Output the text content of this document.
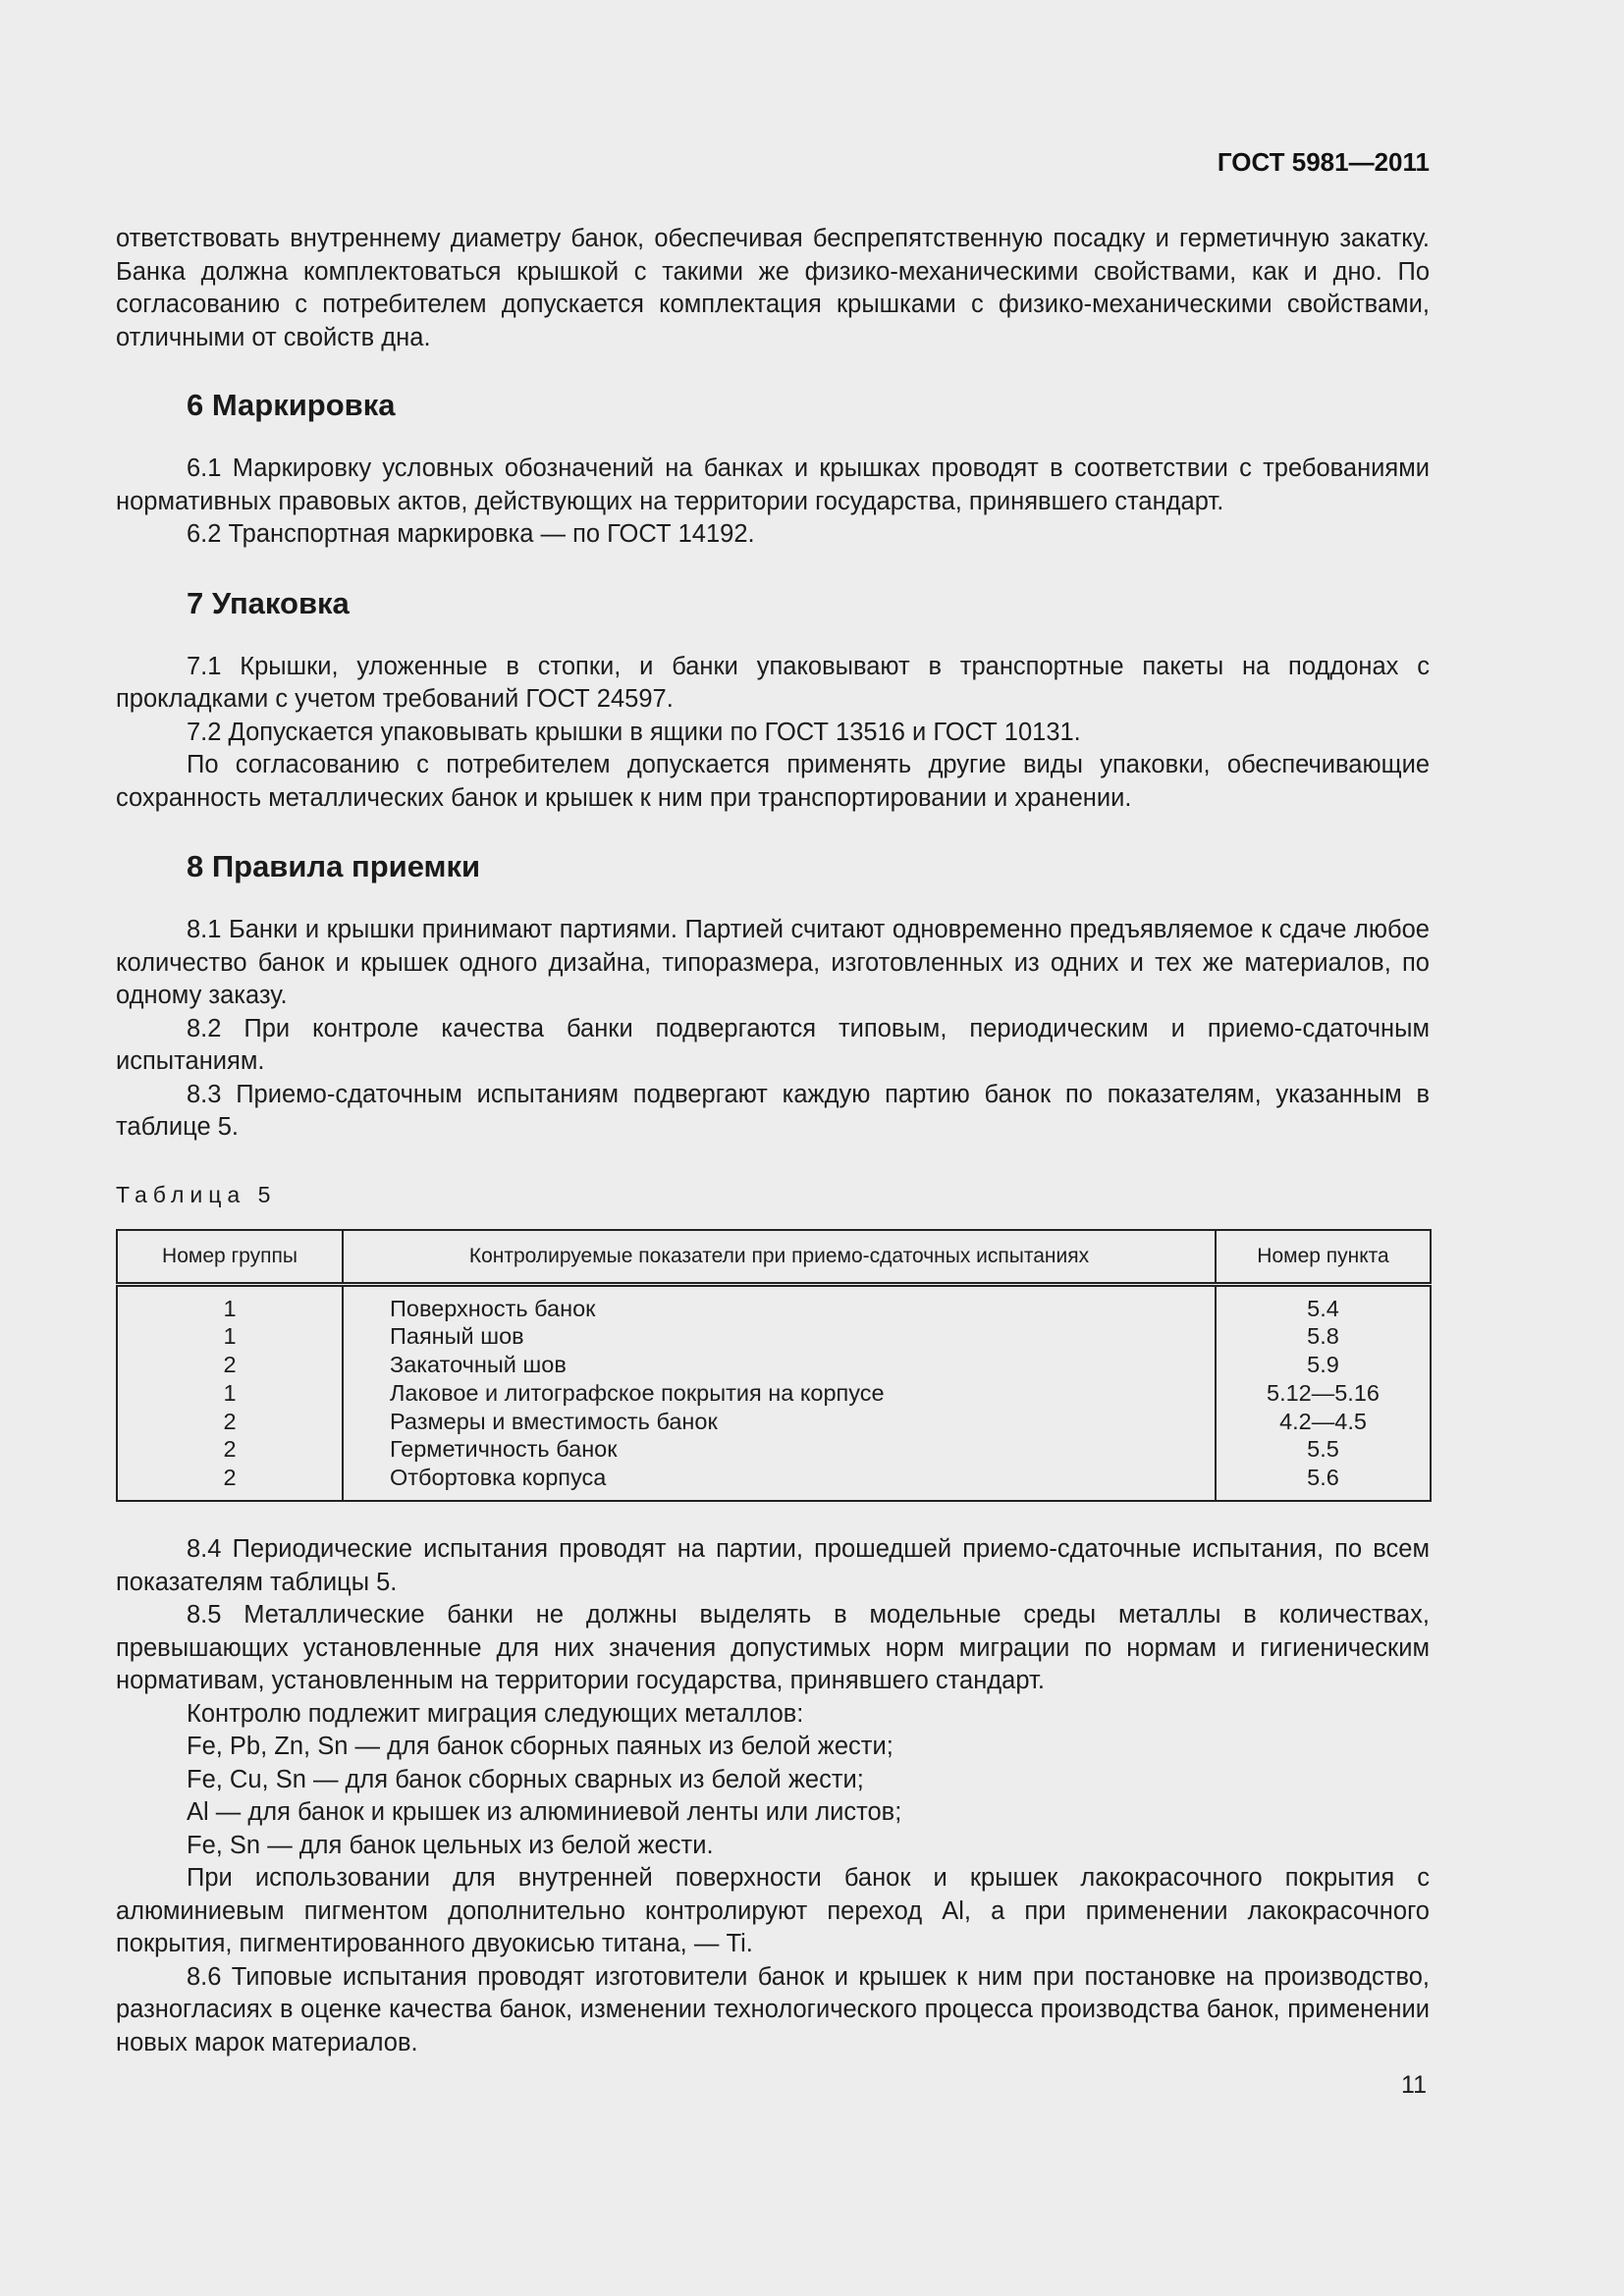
ГОСТ 5981—2011

ответствовать внутреннему диаметру банок, обеспечивая беспрепятственную посадку и герметичную закатку. Банка должна комплектоваться крышкой с такими же физико-механическими свойствами, как и дно. По согласованию с потребителем допускается комплектация крышками с физико-механическими свойствами, отличными от свойств дна.

6 Маркировка

6.1 Маркировку условных обозначений на банках и крышках проводят в соответствии с требованиями нормативных правовых актов, действующих на территории государства, принявшего стандарт.

6.2 Транспортная маркировка — по ГОСТ 14192.

7 Упаковка

7.1 Крышки, уложенные в стопки, и банки упаковывают в транспортные пакеты на поддонах с прокладками с учетом требований ГОСТ 24597.

7.2 Допускается упаковывать крышки в ящики по ГОСТ 13516 и ГОСТ 10131.

По согласованию с потребителем допускается применять другие виды упаковки, обеспечивающие сохранность металлических банок и крышек к ним при транспортировании и хранении.

8 Правила приемки

8.1 Банки и крышки принимают партиями. Партией считают одновременно предъявляемое к сдаче любое количество банок и крышек одного дизайна, типоразмера, изготовленных из одних и тех же материалов, по одному заказу.

8.2 При контроле качества банки подвергаются типовым, периодическим и приемо-сдаточным испытаниям.

8.3 Приемо-сдаточным испытаниям подвергают каждую партию банок по показателям, указанным в таблице 5.

Таблица 5
Номер группы	Контролируемые показатели при приемо-сдаточных испытаниях	Номер пункта
1	Поверхность банок	5.4
1	Паяный шов	5.8
2	Закаточный шов	5.9
1	Лаковое и литографское покрытия на корпусе	5.12—5.16
2	Размеры и вместимость банок	4.2—4.5
2	Герметичность банок	5.5
2	Отбортовка корпуса	5.6

8.4 Периодические испытания проводят на партии, прошедшей приемо-сдаточные испытания, по всем показателям таблицы 5.

8.5 Металлические банки не должны выделять в модельные среды металлы в количествах, превышающих установленные для них значения допустимых норм миграции по нормам и гигиеническим нормативам, установленным на территории государства, принявшего стандарт.

Контролю подлежит миграция следующих металлов:

Fe, Pb, Zn, Sn — для банок сборных паяных из белой жести;

Fe, Cu, Sn — для банок сборных сварных из белой жести;

Al — для банок и крышек из алюминиевой ленты или листов;

Fe, Sn — для банок цельных из белой жести.

При использовании для внутренней поверхности банок и крышек лакокрасочного покрытия с алюминиевым пигментом дополнительно контролируют переход Al, а при применении лакокрасочного покрытия, пигментированного двуокисью титана, — Ti.

8.6 Типовые испытания проводят изготовители банок и крышек к ним при постановке на производство, разногласиях в оценке качества банок, изменении технологического процесса производства банок, применении новых марок материалов.

11
